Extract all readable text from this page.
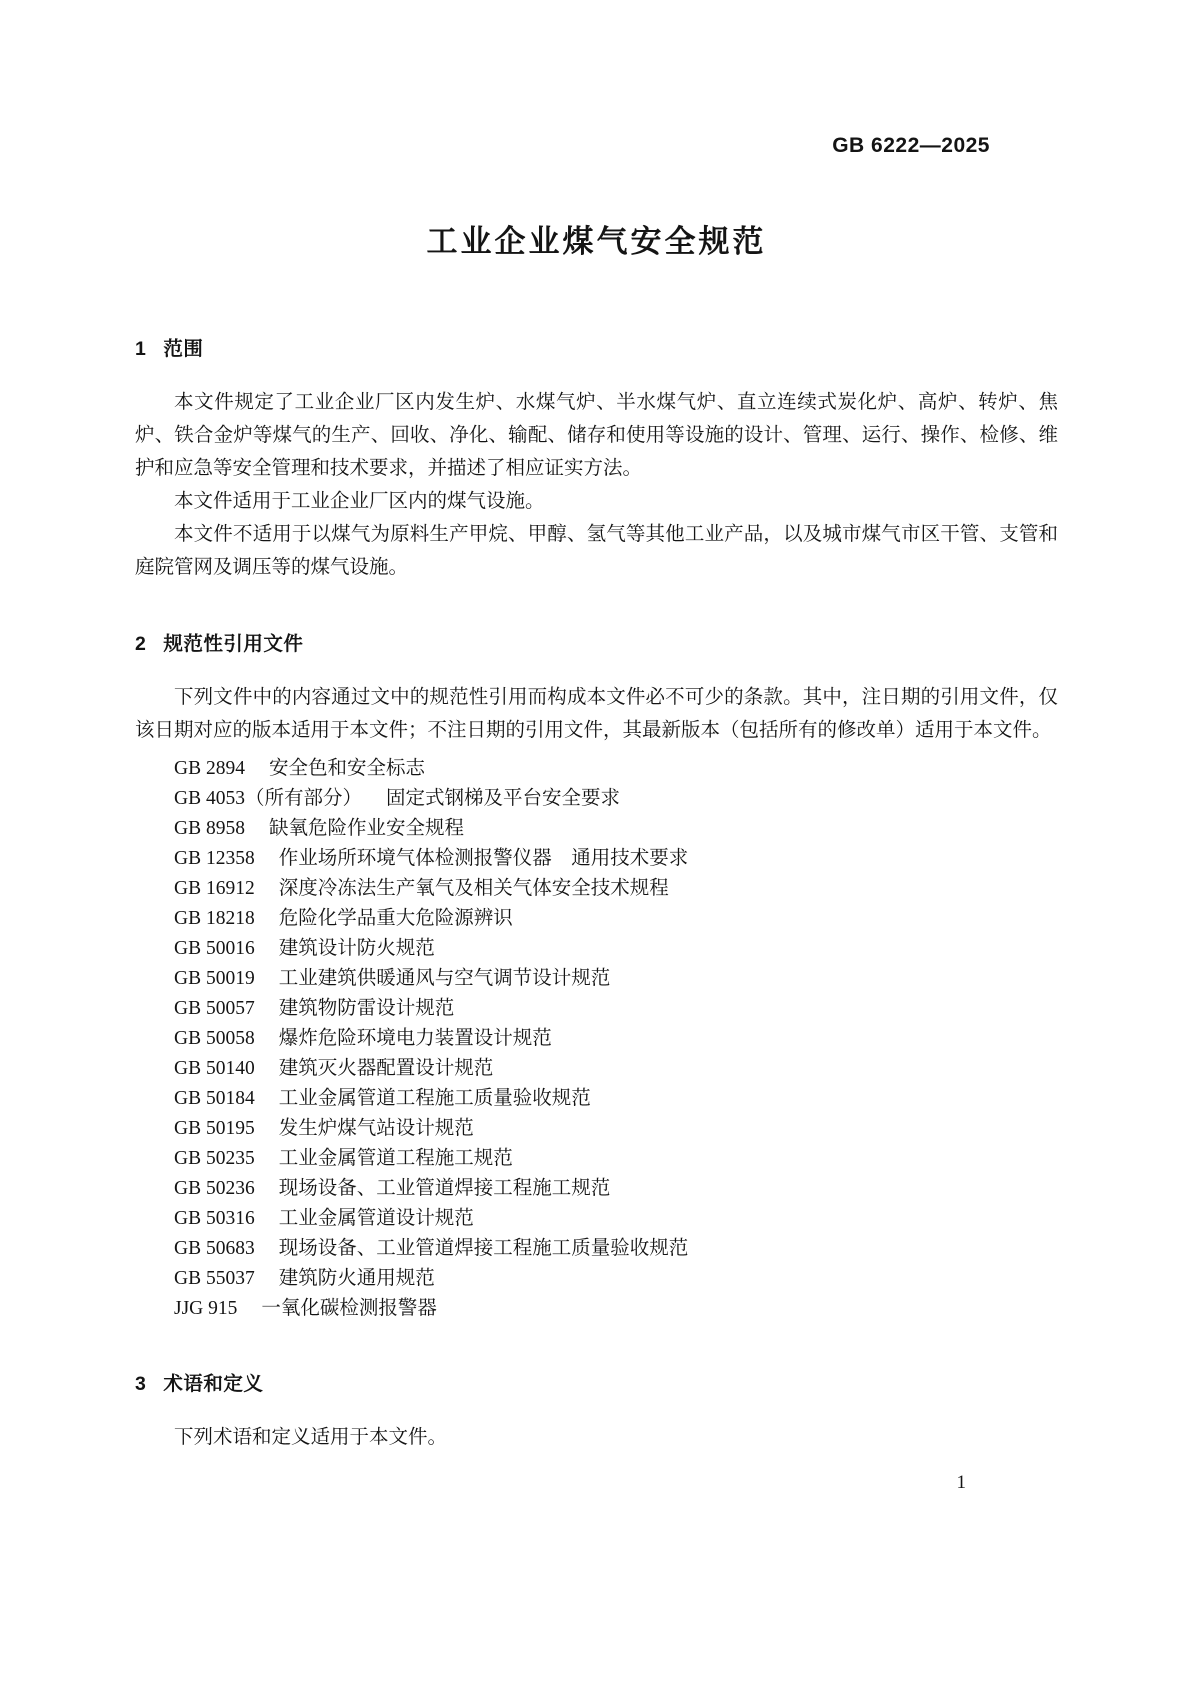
GB 6222—2025
工业企业煤气安全规范
1 范围

本文件规定了工业企业厂区内发生炉、水煤气炉、半水煤气炉、直立连续式炭化炉、高炉、转炉、焦炉、铁合金炉等煤气的生产、回收、净化、输配、储存和使用等设施的设计、管理、运行、操作、检修、维护和应急等安全管理和技术要求，并描述了相应证实方法。

本文件适用于工业企业厂区内的煤气设施。

本文件不适用于以煤气为原料生产甲烷、甲醇、氢气等其他工业产品，以及城市煤气市区干管、支管和庭院管网及调压等的煤气设施。

2 规范性引用文件

下列文件中的内容通过文中的规范性引用而构成本文件必不可少的条款。其中，注日期的引用文件，仅该日期对应的版本适用于本文件；不注日期的引用文件，其最新版本（包括所有的修改单）适用于本文件。

GB 2894 安全色和安全标志
GB 4053（所有部分） 固定式钢梯及平台安全要求
GB 8958 缺氧危险作业安全规程
GB 12358 作业场所环境气体检测报警仪器　通用技术要求
GB 16912 深度冷冻法生产氧气及相关气体安全技术规程
GB 18218 危险化学品重大危险源辨识
GB 50016 建筑设计防火规范
GB 50019 工业建筑供暖通风与空气调节设计规范
GB 50057 建筑物防雷设计规范
GB 50058 爆炸危险环境电力装置设计规范
GB 50140 建筑灭火器配置设计规范
GB 50184 工业金属管道工程施工质量验收规范
GB 50195 发生炉煤气站设计规范
GB 50235 工业金属管道工程施工规范
GB 50236 现场设备、工业管道焊接工程施工规范
GB 50316 工业金属管道设计规范
GB 50683 现场设备、工业管道焊接工程施工质量验收规范
GB 55037 建筑防火通用规范
JJG 915 一氧化碳检测报警器
3 术语和定义

下列术语和定义适用于本文件。

1
